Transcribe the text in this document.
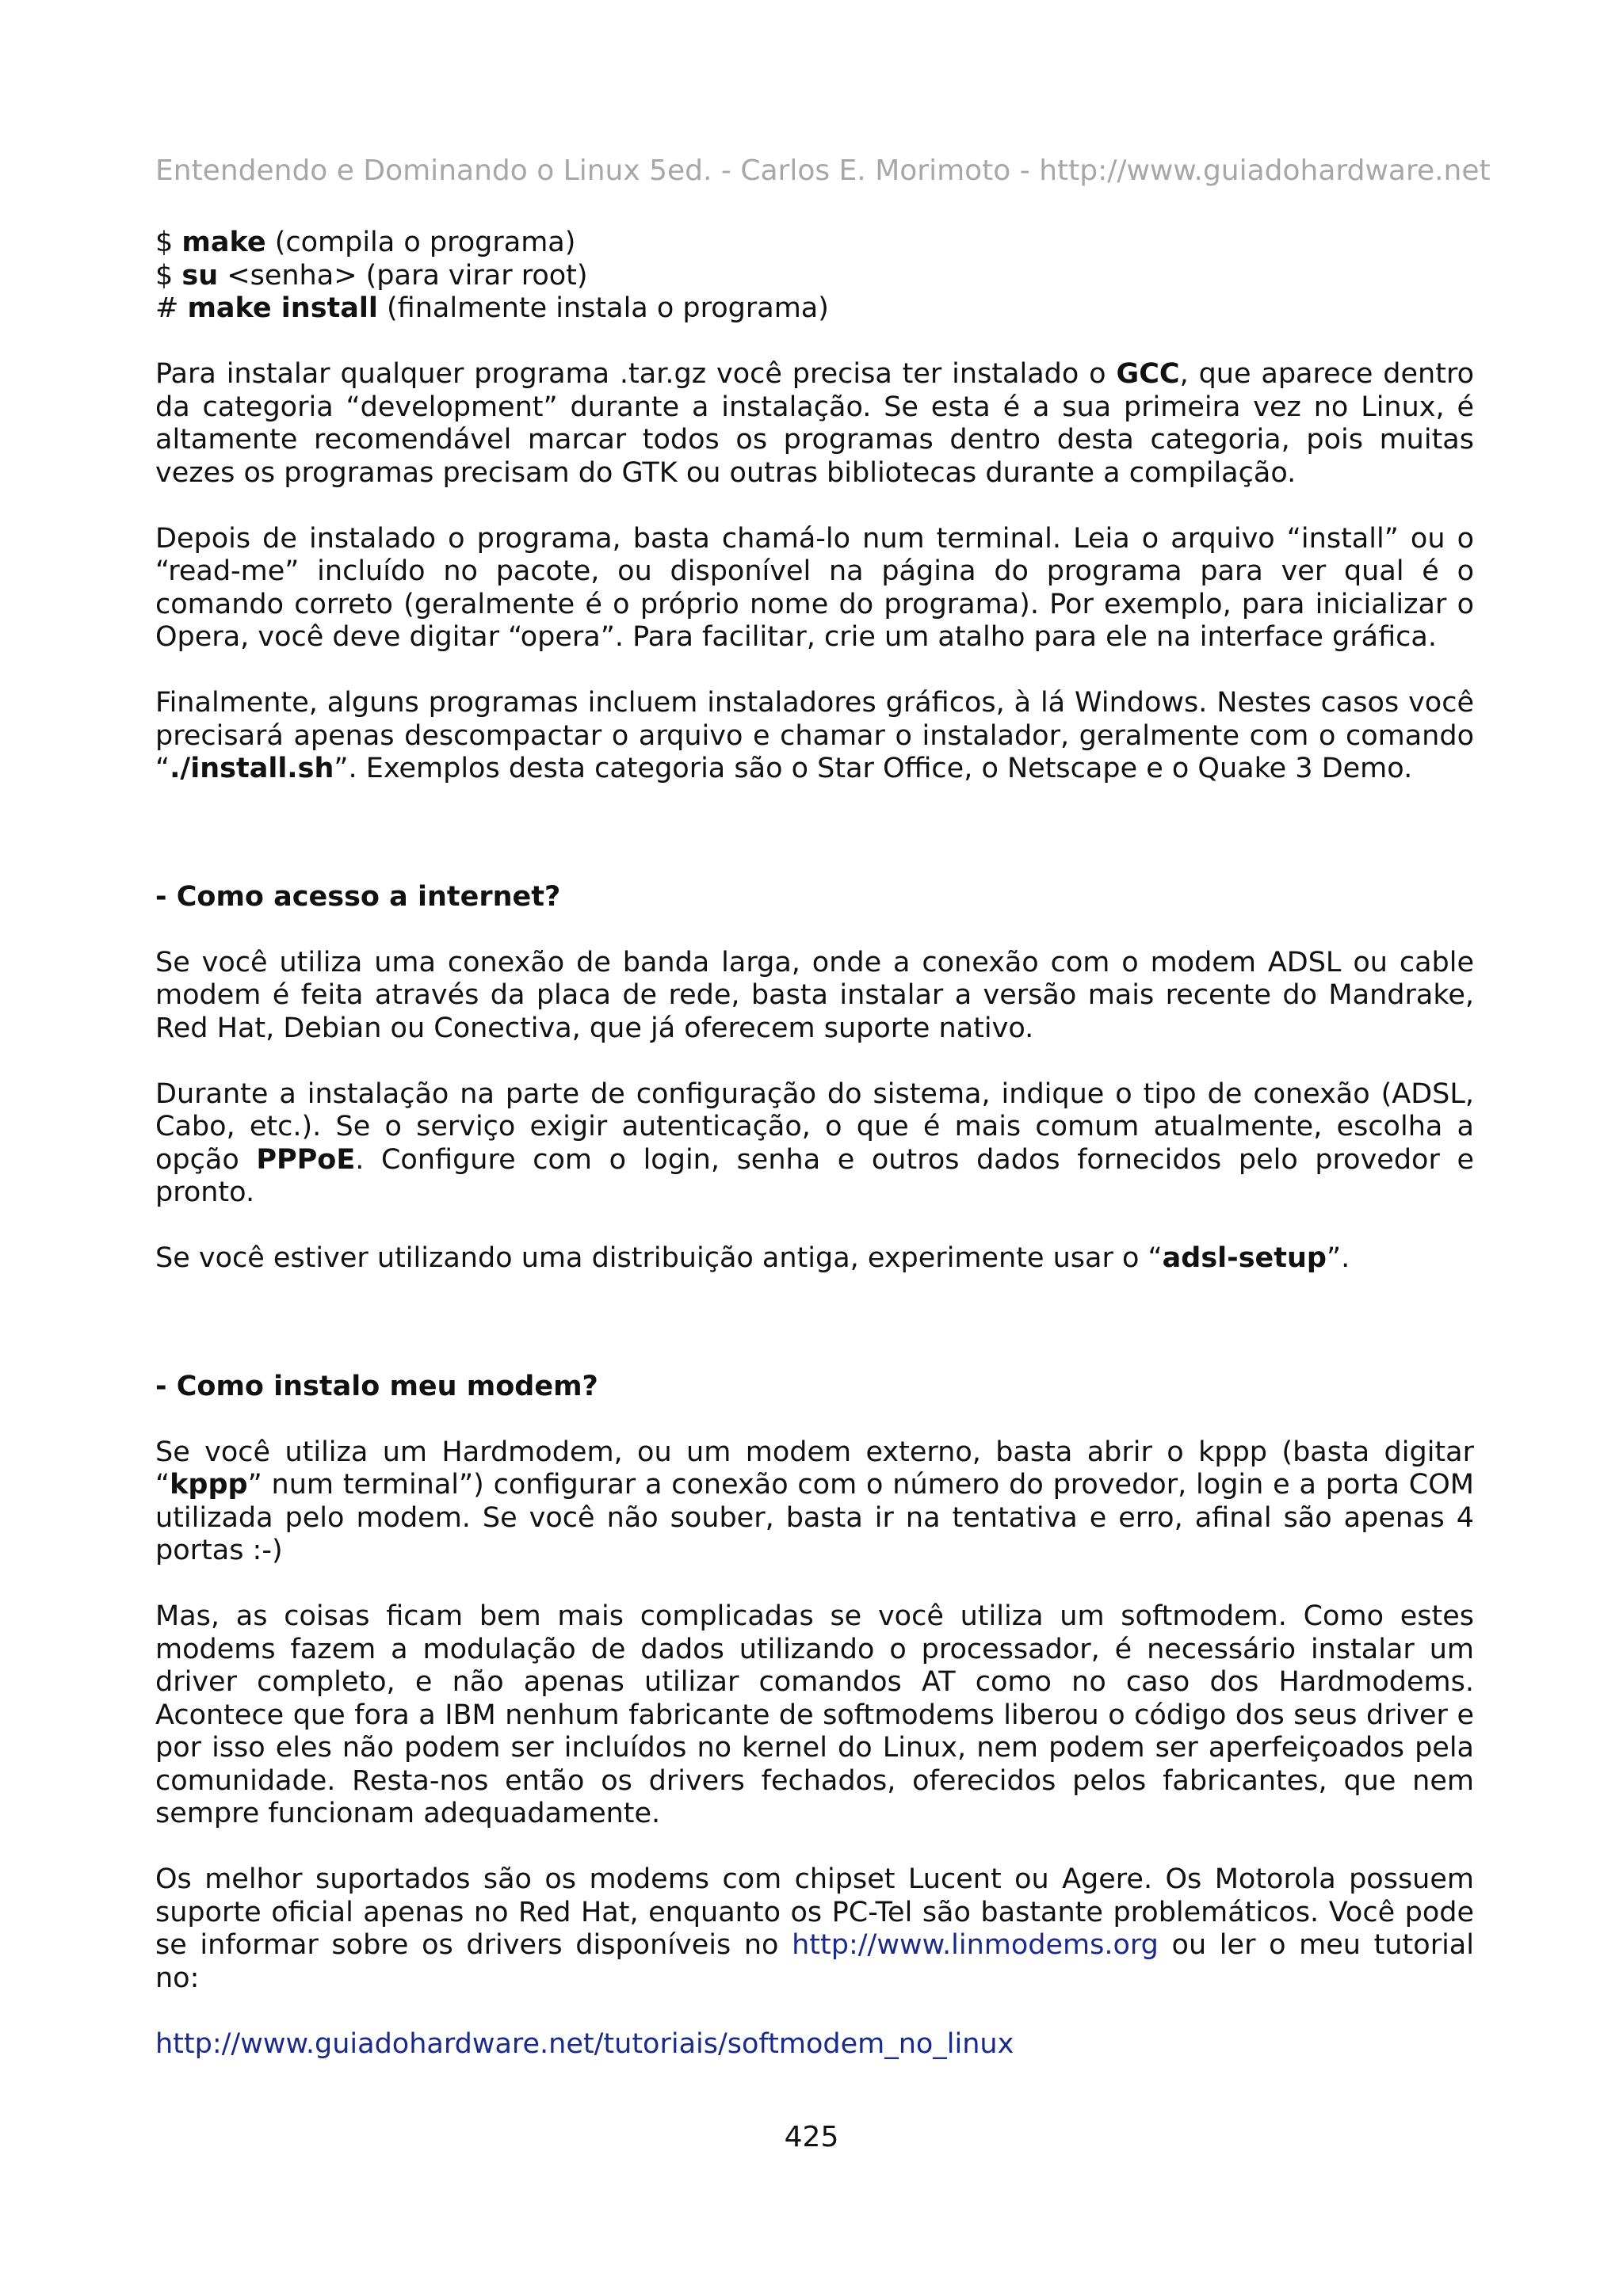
Entendendo e Dominando o Linux 5ed. - Carlos E. Morimoto - http://www.guiadohardware.net

$ make (compila o programa)

$ su <senha> (para virar root)

# make install (finalmente instala o programa)

Para instalar qualquer programa .tar.gz você precisa ter instalado o GCC, que aparece dentro da categoria “development” durante a instalação. Se esta é a sua primeira vez no Linux, é altamente recomendável marcar todos os programas dentro desta categoria, pois muitas vezes os programas precisam do GTK ou outras bibliotecas durante a compilação.

Depois de instalado o programa, basta chamá-lo num terminal. Leia o arquivo “install” ou o “read-me” incluído no pacote, ou disponível na página do programa para ver qual é o comando correto (geralmente é o próprio nome do programa). Por exemplo, para inicializar o Opera, você deve digitar “opera”. Para facilitar, crie um atalho para ele na interface gráfica.

Finalmente, alguns programas incluem instaladores gráficos, à lá Windows. Nestes casos você precisará apenas descompactar o arquivo e chamar o instalador, geralmente com o comando “./install.sh”. Exemplos desta categoria são o Star Office, o Netscape e o Quake 3 Demo.

- Como acesso a internet?

Se você utiliza uma conexão de banda larga, onde a conexão com o modem ADSL ou cable modem é feita através da placa de rede, basta instalar a versão mais recente do Mandrake, Red Hat, Debian ou Conectiva, que já oferecem suporte nativo.

Durante a instalação na parte de configuração do sistema, indique o tipo de conexão (ADSL, Cabo, etc.). Se o serviço exigir autenticação, o que é mais comum atualmente, escolha a opção PPPoE. Configure com o login, senha e outros dados fornecidos pelo provedor e pronto.

Se você estiver utilizando uma distribuição antiga, experimente usar o “adsl-setup”.

- Como instalo meu modem?

Se você utiliza um Hardmodem, ou um modem externo, basta abrir o kppp (basta digitar “kppp” num terminal”) configurar a conexão com o número do provedor, login e a porta COM utilizada pelo modem. Se você não souber, basta ir na tentativa e erro, afinal são apenas 4 portas :-)

Mas, as coisas ficam bem mais complicadas se você utiliza um softmodem. Como estes modems fazem a modulação de dados utilizando o processador, é necessário instalar um driver completo, e não apenas utilizar comandos AT como no caso dos Hardmodems. Acontece que fora a IBM nenhum fabricante de softmodems liberou o código dos seus driver e por isso eles não podem ser incluídos no kernel do Linux, nem podem ser aperfeiçoados pela comunidade. Resta-nos então os drivers fechados, oferecidos pelos fabricantes, que nem sempre funcionam adequadamente.

Os melhor suportados são os modems com chipset Lucent ou Agere. Os Motorola possuem suporte oficial apenas no Red Hat, enquanto os PC-Tel são bastante problemáticos. Você pode se informar sobre os drivers disponíveis no http://www.linmodems.org ou ler o meu tutorial no:

http://www.guiadohardware.net/tutoriais/softmodem_no_linux

425
